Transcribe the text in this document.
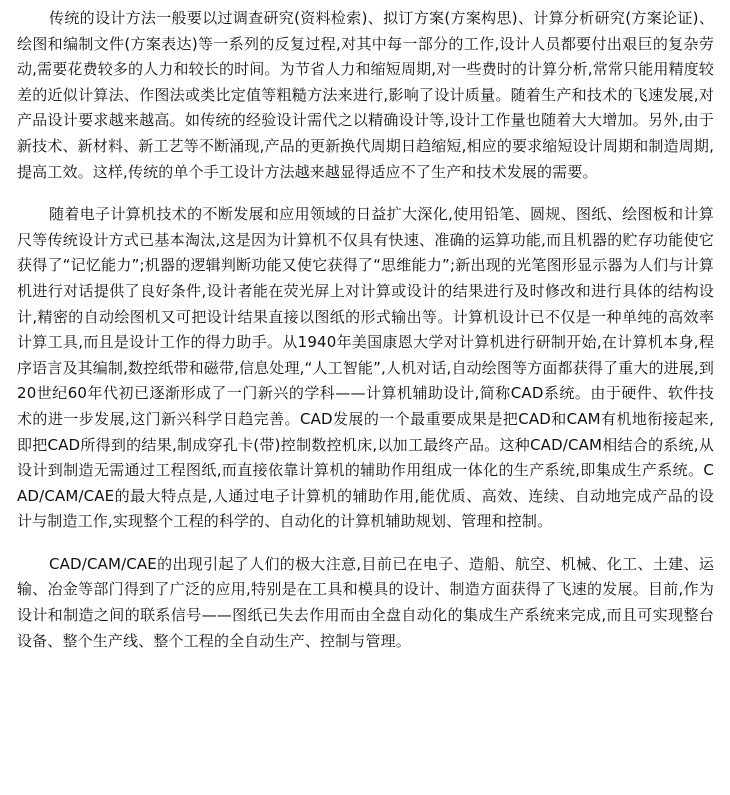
传统的设计方法一般要以过调查研究(资料检索)、拟订方案(方案构思)、计算分析研究(方案论证)、绘图和编制文件(方案表达)等一系列的反复过程,对其中每一部分的工作,设计人员都要付出艰巨的复杂劳动,需要花费较多的人力和较长的时间。为节省人力和缩短周期,对一些费时的计算分析,常常只能用精度较差的近似计算法、作图法或类比定值等粗糙方法来进行,影响了设计质量。随着生产和技术的飞速发展,对产品设计要求越来越高。如传统的经验设计需代之以精确设计等,设计工作量也随着大大增加。另外,由于新技术、新材料、新工艺等不断涌现,产品的更新换代周期日趋缩短,相应的要求缩短设计周期和制造周期,提高工效。这样,传统的单个手工设计方法越来越显得适应不了生产和技术发展的需要。

随着电子计算机技术的不断发展和应用领域的日益扩大深化,使用铅笔、圆规、图纸、绘图板和计算尺等传统设计方式已基本淘汰,这是因为计算机不仅具有快速、准确的运算功能,而且机器的贮存功能使它获得了“记忆能力”;机器的逻辑判断功能又使它获得了“思维能力”;新出现的光笔图形显示器为人们与计算机进行对话提供了良好条件,设计者能在荧光屏上对计算或设计的结果进行及时修改和进行具体的结构设计,精密的自动绘图机又可把设计结果直接以图纸的形式输出等。计算机设计已不仅是一种单纯的高效率计算工具,而且是设计工作的得力助手。从1940年美国康恩大学对计算机进行研制开始,在计算机本身,程序语言及其编制,数控纸带和磁带,信息处理,“人工智能”,人机对话,自动绘图等方面都获得了重大的进展,到20世纪60年代初已逐渐形成了一门新兴的学科——计算机辅助设计,简称CAD系统。由于硬件、软件技术的进一步发展,这门新兴科学日趋完善。CAD发展的一个最重要成果是把CAD和CAM有机地衔接起来,即把CAD所得到的结果,制成穿孔卡(带)控制数控机床,以加工最终产品。这种CAD/CAM相结合的系统,从设计到制造无需通过工程图纸,而直接依靠计算机的辅助作用组成一体化的生产系统,即集成生产系统。CAD/CAM/CAE的最大特点是,人通过电子计算机的辅助作用,能优质、高效、连续、自动地完成产品的设计与制造工作,实现整个工程的科学的、自动化的计算机辅助规划、管理和控制。

CAD/CAM/CAE的出现引起了人们的极大注意,目前已在电子、造船、航空、机械、化工、土建、运输、冶金等部门得到了广泛的应用,特别是在工具和模具的设计、制造方面获得了飞速的发展。目前,作为设计和制造之间的联系信号——图纸已失去作用而由全盘自动化的集成生产系统来完成,而且可实现整台设备、整个生产线、整个工程的全自动生产、控制与管理。
